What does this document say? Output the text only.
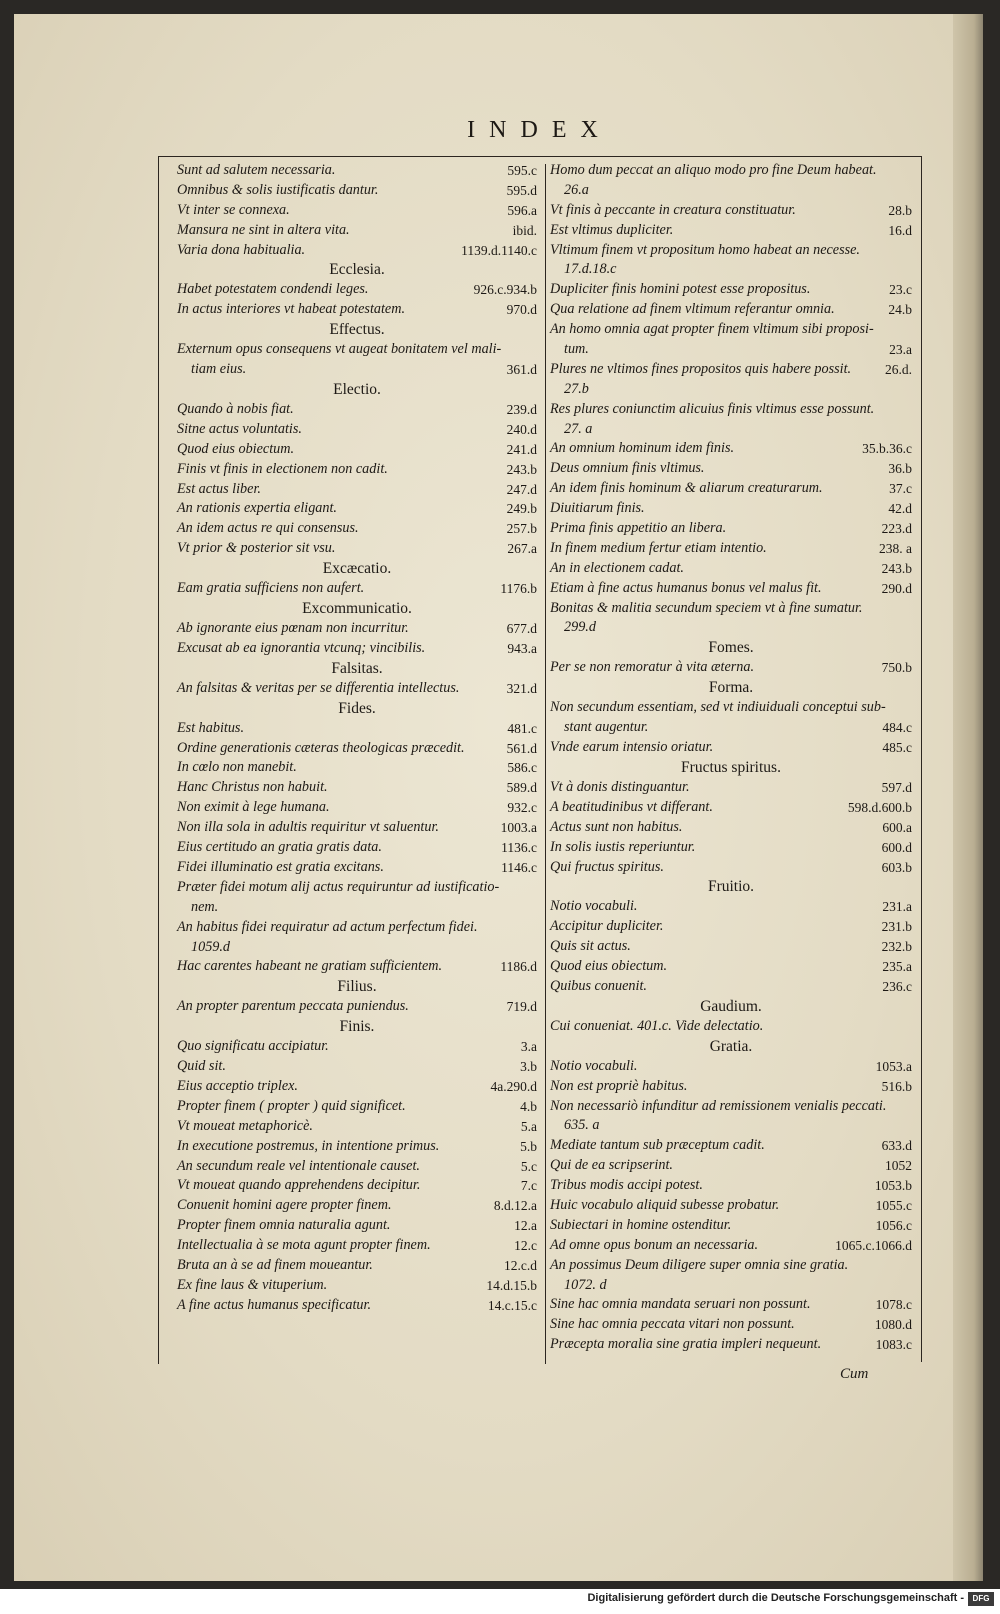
INDEX
Sunt ad salutem necessaria.	595.c
Omnibus & solis iustificatis dantur.	595.d
Vt inter se connexa.	596.a
Mansura ne sint in altera vita.	ibid.
Varia dona habitualia.	1139.d.1140.c
Ecclesia.
Habet potestatem condendi leges.	926.c.934.b
In actus interiores vt habeat potestatem.	970.d
Effectus.
Externum opus consequens vt augeat bonitatem vel mali-
tiam eius.	361.d
Electio.
Quando à nobis fiat.	239.d
Sitne actus voluntatis.	240.d
Quod eius obiectum.	241.d
Finis vt finis in electionem non cadit.	243.b
Est actus liber.	247.d
An rationis expertia eligant.	249.b
An idem actus re qui consensus.	257.b
Vt prior & posterior sit vsu.	267.a
Excæcatio.
Eam gratia sufficiens non aufert.	1176.b
Excommunicatio.
Ab ignorante eius pœnam non incurritur.	677.d
Excusat ab ea ignorantia vtcunq; vincibilis.	943.a
Falsitas.
An falsitas & veritas per se differentia intellectus.	321.d
Fides.
Est habitus.	481.c
Ordine generationis cæteras theologicas præcedit.	561.d
In cœlo non manebit.	586.c
Hanc Christus non habuit.	589.d
Non eximit à lege humana.	932.c
Non illa sola in adultis requiritur vt saluentur.	1003.a
Eius certitudo an gratia gratis data.	1136.c
Fidei illuminatio est gratia excitans.	1146.c
Præter fidei motum alij actus requiruntur ad iustificatio-
nem.
An habitus fidei requiratur ad actum perfectum fidei.
1059.d
Hac carentes habeant ne gratiam sufficientem.	1186.d
Filius.
An propter parentum peccata puniendus.	719.d
Finis.
Quo significatu accipiatur.	3.a
Quid sit.	3.b
Eius acceptio triplex.	4a.290.d
Propter finem ( propter ) quid significet.	4.b
Vt moueat metaphoricè.	5.a
In executione postremus, in intentione primus.	5.b
An secundum reale vel intentionale causet.	5.c
Vt moueat quando apprehendens decipitur.	7.c
Conuenit homini agere propter finem.	8.d.12.a
Propter finem omnia naturalia agunt.	12.a
Intellectualia à se mota agunt propter finem.	12.c
Bruta an à se ad finem moueantur.	12.c.d
Ex fine laus & vituperium.	14.d.15.b
A fine actus humanus specificatur.	14.c.15.c
Homo dum peccat an aliquo modo pro fine Deum habeat.
26.a
Vt finis à peccante in creatura constituatur.	28.b
Est vltimus dupliciter.	16.d
Vltimum finem vt propositum homo habeat an necesse.
17.d.18.c
Dupliciter finis homini potest esse propositus.	23.c
Qua relatione ad finem vltimum referantur omnia.	24.b
An homo omnia agat propter finem vltimum sibi proposi-
tum.	23.a
Plures ne vltimos fines propositos quis habere possit.	26.d.
27.b
Res plures coniunctim alicuius finis vltimus esse possunt.
27. a
An omnium hominum idem finis.	35.b.36.c
Deus omnium finis vltimus.	36.b
An idem finis hominum & aliarum creaturarum.	37.c
Diuitiarum finis.	42.d
Prima finis appetitio an libera.	223.d
In finem medium fertur etiam intentio.	238. a
An in electionem cadat.	243.b
Etiam à fine actus humanus bonus vel malus fit.	290.d
Bonitas & malitia secundum speciem vt à fine sumatur.
299.d
Fomes.
Per se non remoratur à vita æterna.	750.b
Forma.
Non secundum essentiam, sed vt indiuiduali conceptui sub-
stant augentur.	484.c
Vnde earum intensio oriatur.	485.c
Fructus spiritus.
Vt à donis distinguantur.	597.d
A beatitudinibus vt differant.	598.d.600.b
Actus sunt non habitus.	600.a
In solis iustis reperiuntur.	600.d
Qui fructus spiritus.	603.b
Fruitio.
Notio vocabuli.	231.a
Accipitur dupliciter.	231.b
Quis sit actus.	232.b
Quod eius obiectum.	235.a
Quibus conuenit.	236.c
Gaudium.
Cui conueniat. 401.c. Vide delectatio.
Gratia.
Notio vocabuli.	1053.a
Non est propriè habitus.	516.b
Non necessariò infunditur ad remissionem venialis peccati.
635. a
Mediate tantum sub præceptum cadit.	633.d
Qui de ea scripserint.	1052
Tribus modis accipi potest.	1053.b
Huic vocabulo aliquid subesse probatur.	1055.c
Subiectari in homine ostenditur.	1056.c
Ad omne opus bonum an necessaria.	1065.c.1066.d
An possimus Deum diligere super omnia sine gratia.
1072. d
Sine hac omnia mandata seruari non possunt.	1078.c
Sine hac omnia peccata vitari non possunt.	1080.d
Præcepta moralia sine gratia impleri nequeunt.	1083.c
Cum
Digitalisierung gefördert durch die Deutsche Forschungsgemeinschaft -	DFG
